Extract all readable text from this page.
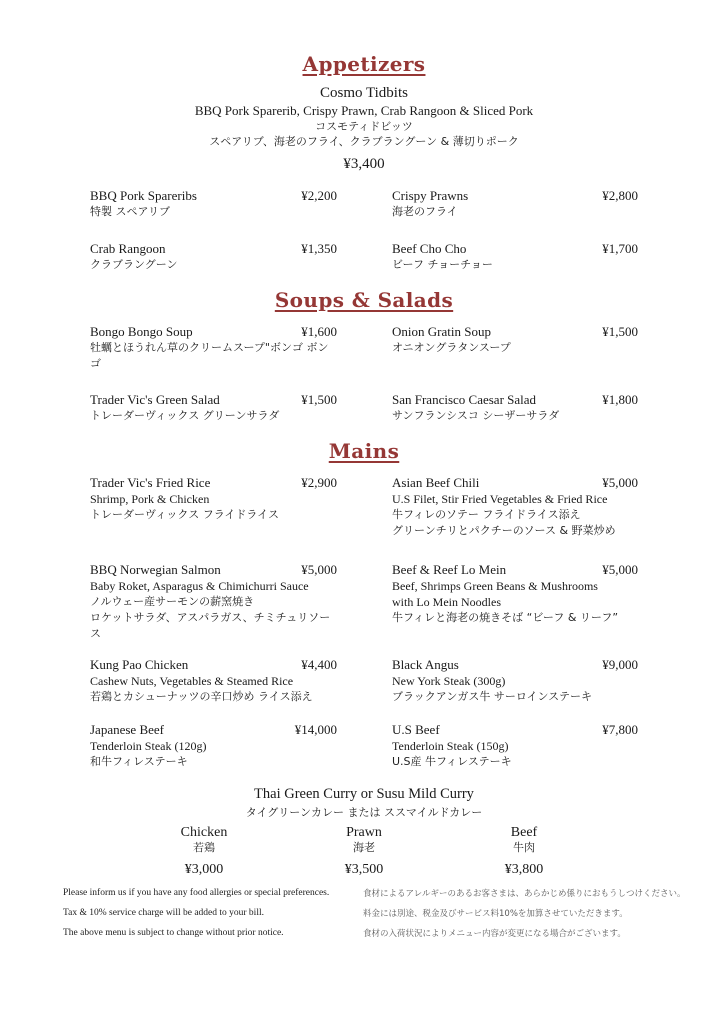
Appetizers
Cosmo Tidbits
BBQ Pork Sparerib, Crispy Prawn, Crab Rangoon & Sliced Pork
コスモティドビッツ
スペアリブ、海老のフライ、クラブラングーン & 薄切りポーク
¥3,400
BBQ Pork Spareribs	¥2,200
特製 スペアリブ
Crispy Prawns	¥2,800
海老のフライ
Crab Rangoon	¥1,350
クラブラングーン
Beef Cho Cho	¥1,700
ビーフ チョーチョー
Soups & Salads
Bongo Bongo Soup	¥1,600
牡蠣とほうれん草のクリームスープ"ボンゴ ボンゴ
Onion Gratin Soup	¥1,500
オニオングラタンスープ
Trader Vic's Green Salad	¥1,500
トレーダーヴィックス グリーンサラダ
San Francisco Caesar Salad	¥1,800
サンフランシスコ シーザーサラダ
Mains
Trader Vic's Fried Rice	¥2,900
Shrimp, Pork & Chicken
トレーダーヴィックス フライドライス
Asian Beef Chili	¥5,000
U.S Filet, Stir Fried Vegetables & Fried Rice
牛フィレのソテー フライドライス添え
グリーンチリとパクチーのソース & 野菜炒め
BBQ Norwegian Salmon	¥5,000
Baby Roket, Asparagus & Chimichurri Sauce
ノルウェー産サーモンの薪窯焼き
ロケットサラダ、アスパラガス、チミチュリソース
Beef & Reef Lo Mein	¥5,000
Beef, Shrimps Green Beans & Mushrooms
with Lo Mein Noodles
牛フィレと海老の焼きそば “ビーフ & リーフ”
Kung Pao Chicken	¥4,400
Cashew Nuts, Vegetables & Steamed Rice
若鶏とカシューナッツの辛口炒め ライス添え
Black Angus	¥9,000
New York Steak (300g)
ブラックアンガス牛 サーロインステーキ
Japanese Beef	¥14,000
Tenderloin Steak (120g)
和牛フィレステーキ
U.S Beef	¥7,800
Tenderloin Steak (150g)
U.S産 牛フィレステーキ
Thai Green Curry or Susu Mild Curry
タイグリーンカレー または ススマイルドカレー
Chicken
若鶏
¥3,000
Prawn
海老
¥3,500
Beef
牛肉
¥3,800
Please inform us if you have any food allergies or special preferences.
Tax & 10% service charge will be added to your bill.
The above menu is subject to change without prior notice.
食材によるアレルギーのあるお客さまは、あらかじめ係りにおもうしつけください。
料金には別途、税金及びサービス料10%を加算させていただきます。
食材の入荷状況によりメニュー内容が変更になる場合がございます。
